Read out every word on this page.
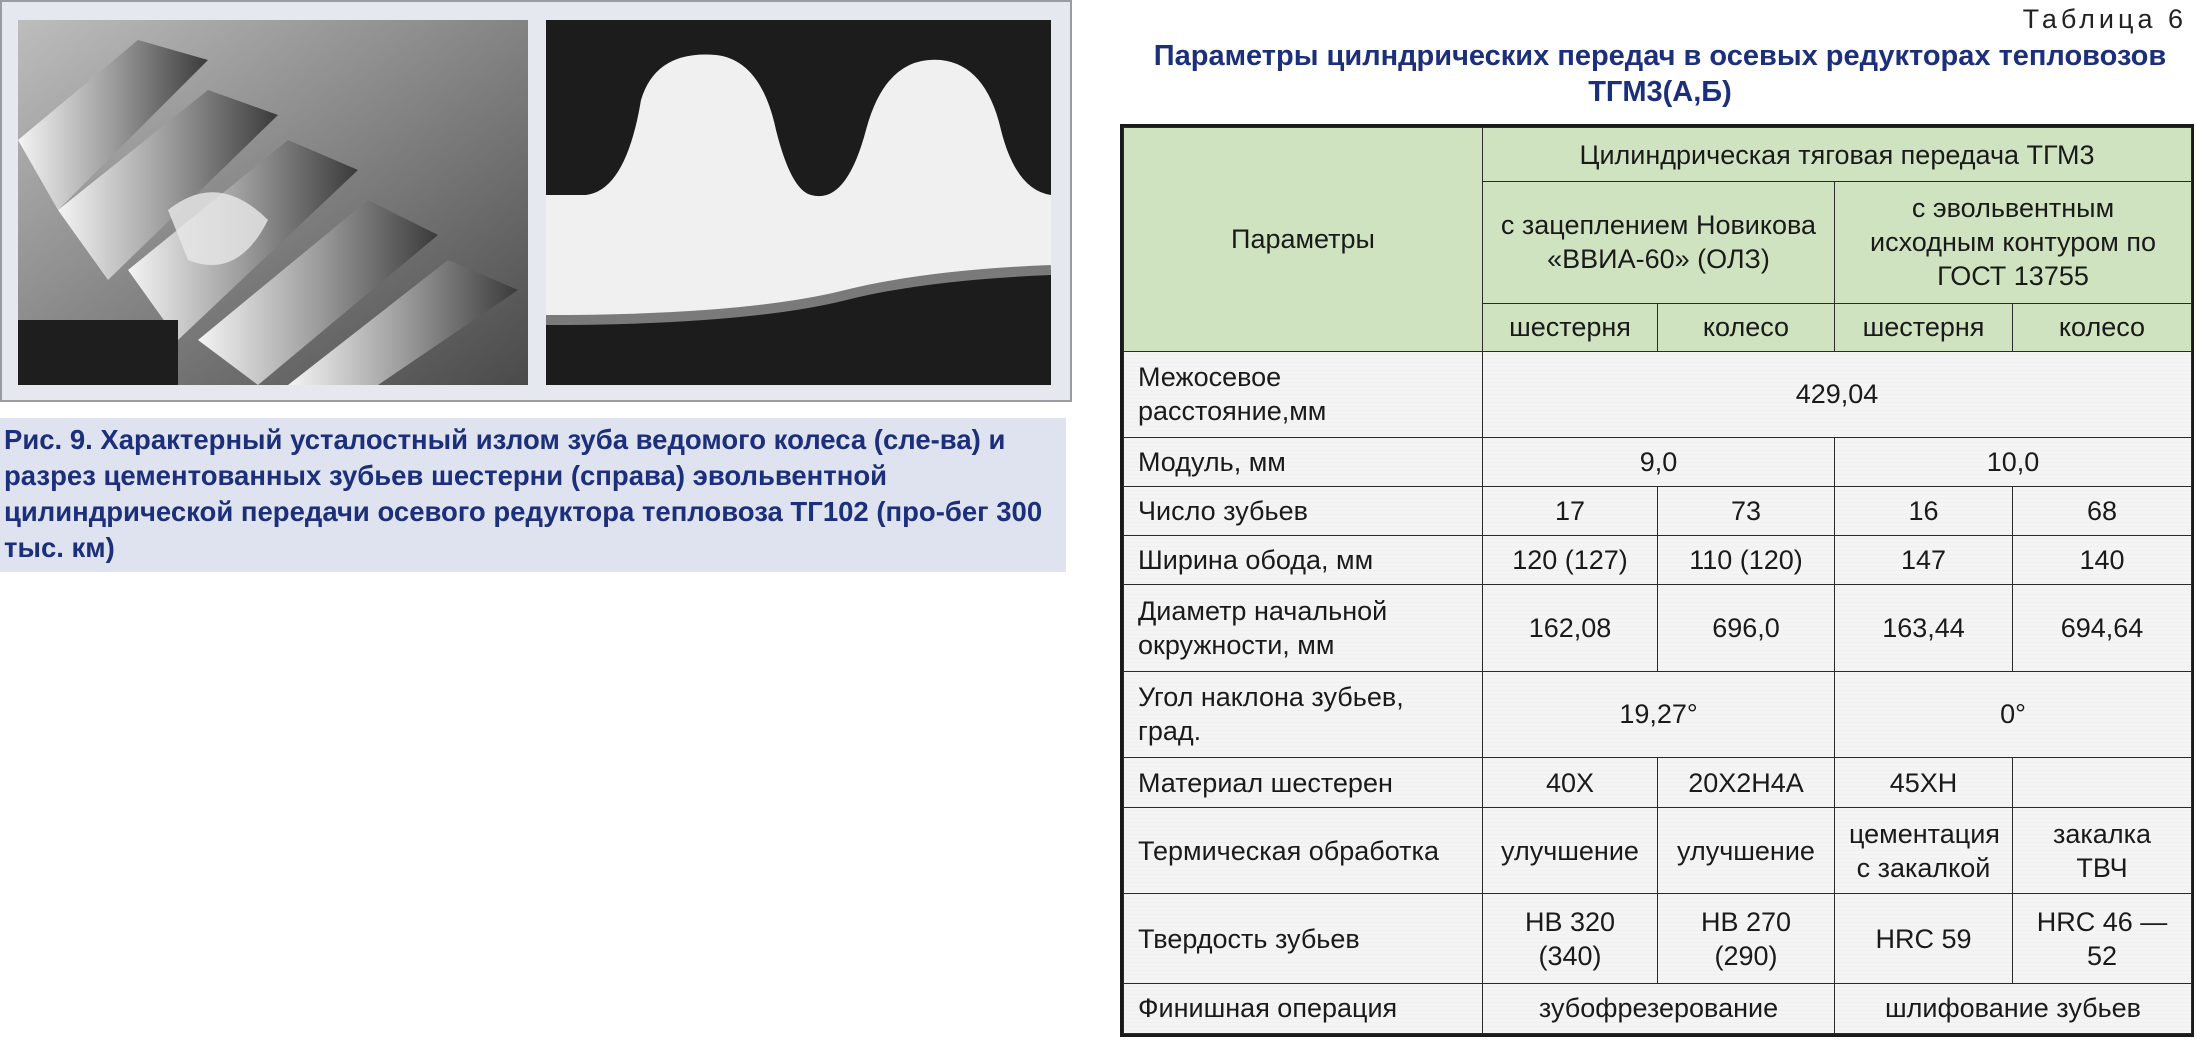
Рис. 9. Характерный усталостный излом зуба ведомого колеса (сле-ва) и разрез цементованных зубьев шестерни (справа) эвольвентной цилиндрической передачи осевого редуктора тепловоза ТГ102 (про-бег 300 тыс. км)
Таблица 6
Параметры цилндрических передач в осевых редукторах тепловозов ТГМ3(А,Б)
Параметры	Цилиндрическая тяговая передача ТГМ3			
	с зацеплением Новикова «ВВИА-60» (ОЛЗ)		с эвольвентным исходным контуром по ГОСТ 13755	
	шестерня	колесо	шестерня	колесо
Межосевое расстояние,мм	429,04			
Модуль, мм	9,0		10,0	
Число зубьев	17	73	16	68
Ширина обода, мм	120 (127)	110 (120)	147	140
Диаметр начальной окружности, мм	162,08	696,0	163,44	694,64
Угол наклона зубьев, град.	19,27°		0°	
Материал шестерен	40Х	20Х2Н4А	45ХН	
Термическая обработка	улучшение	улучшение	цементация с закалкой	закалка ТВЧ
Твердость зубьев	НВ 320 (340)	НВ 270 (290)	HRC 59	HRC 46 — 52
Финишная операция	зубофрезерование		шлифование зубьев	
